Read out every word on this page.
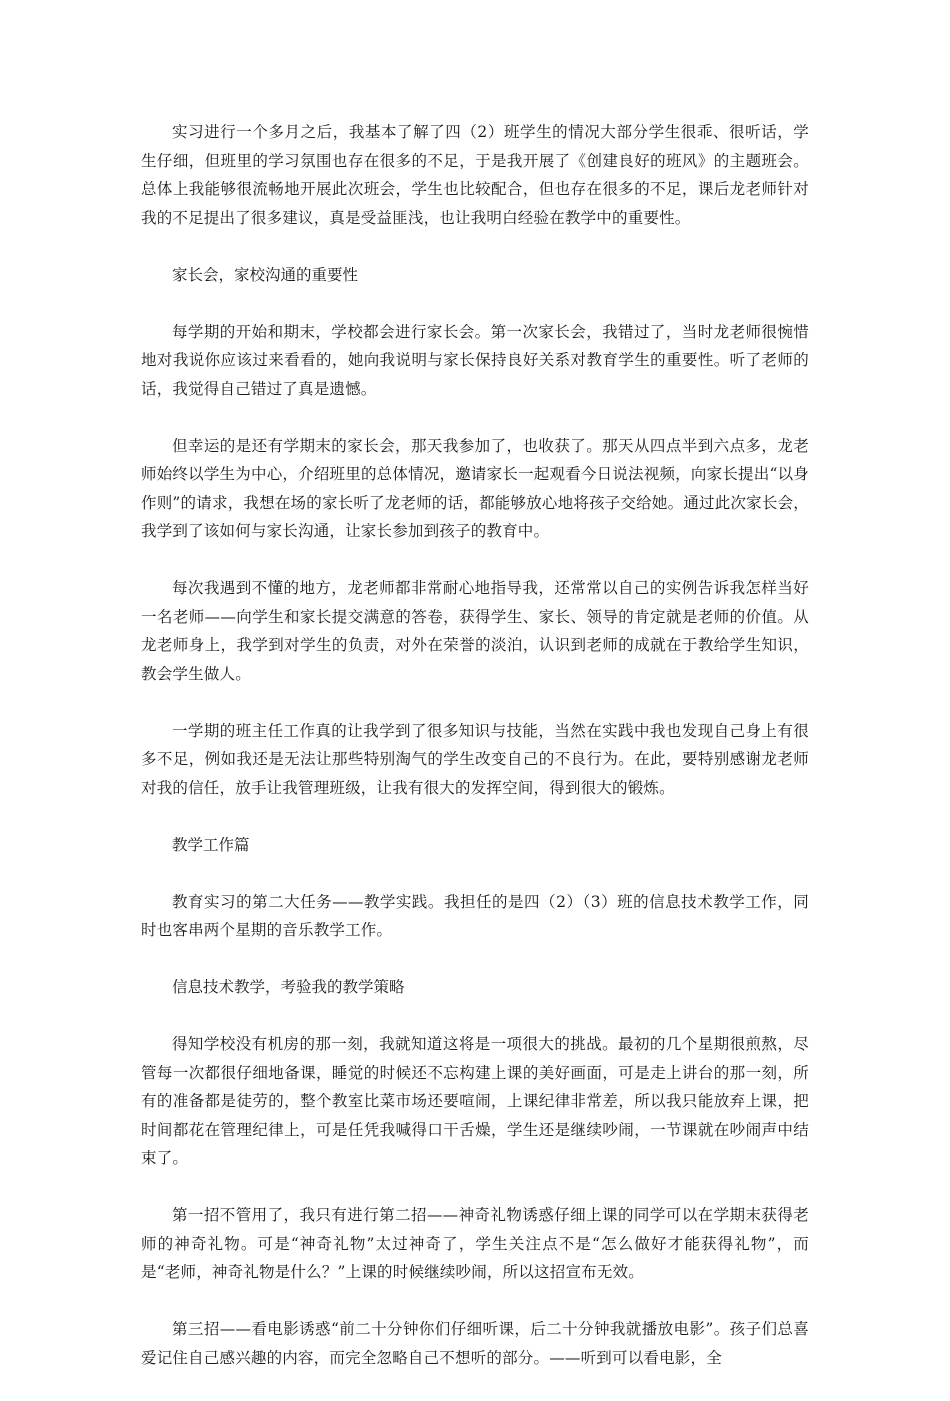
实习进行一个多月之后，我基本了解了四（2）班学生的情况大部分学生很乖、很听话，学生仔细，但班里的学习氛围也存在很多的不足，于是我开展了《创建良好的班风》的主题班会。总体上我能够很流畅地开展此次班会，学生也比较配合，但也存在很多的不足，课后龙老师针对我的不足提出了很多建议，真是受益匪浅，也让我明白经验在教学中的重要性。

家长会，家校沟通的重要性

每学期的开始和期末，学校都会进行家长会。第一次家长会，我错过了，当时龙老师很惋惜地对我说你应该过来看看的，她向我说明与家长保持良好关系对教育学生的重要性。听了老师的话，我觉得自己错过了真是遗憾。

但幸运的是还有学期末的家长会，那天我参加了，也收获了。那天从四点半到六点多，龙老师始终以学生为中心，介绍班里的总体情况，邀请家长一起观看今日说法视频，向家长提出“以身作则”的请求，我想在场的家长听了龙老师的话，都能够放心地将孩子交给她。通过此次家长会，我学到了该如何与家长沟通，让家长参加到孩子的教育中。

每次我遇到不懂的地方，龙老师都非常耐心地指导我，还常常以自己的实例告诉我怎样当好一名老师——向学生和家长提交满意的答卷，获得学生、家长、领导的肯定就是老师的价值。从龙老师身上，我学到对学生的负责，对外在荣誉的淡泊，认识到老师的成就在于教给学生知识，教会学生做人。

一学期的班主任工作真的让我学到了很多知识与技能，当然在实践中我也发现自己身上有很多不足，例如我还是无法让那些特别淘气的学生改变自己的不良行为。在此，要特别感谢龙老师对我的信任，放手让我管理班级，让我有很大的发挥空间，得到很大的锻炼。

教学工作篇

教育实习的第二大任务——教学实践。我担任的是四（2）（3）班的信息技术教学工作，同时也客串两个星期的音乐教学工作。

信息技术教学，考验我的教学策略

得知学校没有机房的那一刻，我就知道这将是一项很大的挑战。最初的几个星期很煎熬，尽管每一次都很仔细地备课，睡觉的时候还不忘构建上课的美好画面，可是走上讲台的那一刻，所有的准备都是徒劳的，整个教室比菜市场还要喧闹，上课纪律非常差，所以我只能放弃上课，把时间都花在管理纪律上，可是任凭我喊得口干舌燥，学生还是继续吵闹，一节课就在吵闹声中结束了。

第一招不管用了，我只有进行第二招——神奇礼物诱惑仔细上课的同学可以在学期末获得老师的神奇礼物。可是“神奇礼物”太过神奇了，学生关注点不是“怎么做好才能获得礼物”，而是“老师，神奇礼物是什么？”上课的时候继续吵闹，所以这招宣布无效。

第三招——看电影诱惑“前二十分钟你们仔细听课，后二十分钟我就播放电影”。孩子们总喜爱记住自己感兴趣的内容，而完全忽略自己不想听的部分。——听到可以看电影，全
